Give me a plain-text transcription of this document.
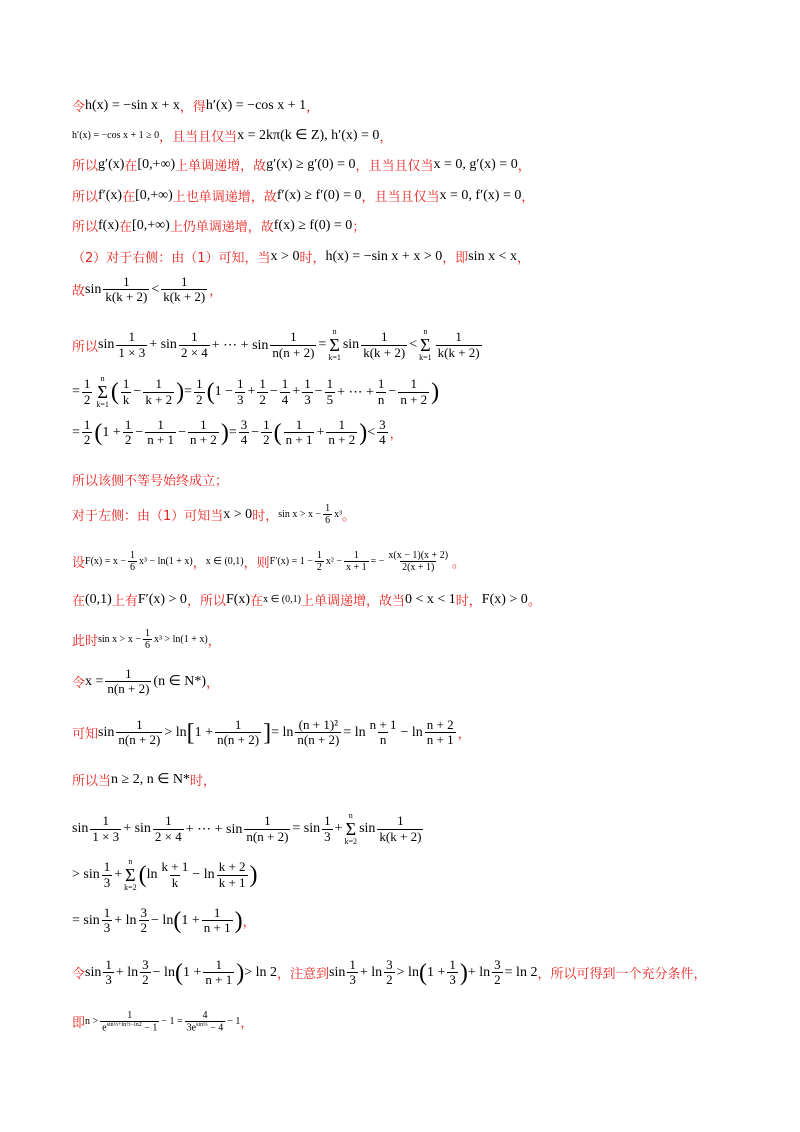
令 h(x) = −sin x + x ，得 h′(x) = −cos x + 1 ，
h′(x) = −cos x + 1 ≥ 0 ，且当且仅当 x = 2kπ(k ∈ Z), h′(x) = 0 ，
所以 g′(x) 在 [0,+∞) 上单调递增，故 g′(x) ≥ g′(0) = 0 ，且当且仅当 x = 0, g′(x) = 0 ，
所以 f′(x) 在 [0,+∞) 上也单调递增，故 f′(x) ≥ f′(0) = 0 ，且当且仅当 x = 0, f′(x) = 0 ，
所以 f(x) 在 [0,+∞) 上仍单调递增，故 f(x) ≥ f(0) = 0 ；
（2）对于右侧：由（1）可知，当 x > 0 时， h(x) = −sin x + x > 0 ，即 sin x < x ，
故 $\sin \frac{1}{k(k + 2)} < \frac{1}{k(k + 2)}$ ，
所以 $\sin \frac{1}{1 \times 3} + \sin \frac{1}{2 \times 4}$ + ⋯ + $\sin \frac{1}{n(n + 2)}$ =
n
Σ
k=1
$\sin \frac{1}{k(k + 2)}$ <
n
Σ
$k=1 \frac{1}{k(k + 2)}$
= $\frac{1}{2}$ n
Σ
k=1 ( $\frac{1}{k} - \frac{1}{k + 2}$ ) = $\frac{1}{2}$ ( $1 - \frac{1}{3} + \frac{1}{2} - \frac{1}{4} + \frac{1}{3} - \frac{1}{5}$ + ⋯ + $\frac{1}{n} - \frac{1}{n + 2}$ )
= $\frac{1}{2}$ ( $1 + \frac{1}{2} - \frac{1}{n + 1} - \frac{1}{n + 2}$ ) = $\frac{3}{4} - \frac{1}{2}$ ( $\frac{1}{n + 1} + \frac{1}{n + 2}$ ) < $\frac{3}{4}$ ，
所以该侧不等号始终成立；
对于左侧：由（1）可知当 x > 0 时， $\sin x > x - \frac{1}{6} x^3$ 。
设 $F(x) = x - \frac{1}{6} x^3 - \ln(1 + x)$ ， x ∈ (0,1) ，则 $F'(x) = 1 - \frac{1}{2} x^2 - \frac{1}{x + 1}$ = − $\frac{x(x - 1)(x + 2)}{2(x + 1)}$ 。
在 (0,1) 上有 F′(x) > 0 ，所以 F(x) 在 x ∈ (0,1) 上单调递增，故当 0 < x < 1 时， F(x) > 0 。
此时 $\sin x > x - \frac{1}{6} x^3 > \ln(1 + x)$ ，
令 $x = \frac{1}{n(n + 2)} (n$ ∈ N*) ，
可知 $\sin \frac{1}{n(n + 2)} > \ln$ [ $1 + \frac{1}{n(n + 2)}$ ] = $\ln \frac{\text{(n + 1)²}}{n(n + 2)} = \ln \frac{n + 1}{n} - \ln \frac{n + 2}{n + 1}$ ，
所以当 n ≥ 2, n ∈ N* 时，
$\sin \frac{1}{1 \times 3} + \sin \frac{1}{2 \times 4}$ + ⋯ + $\sin \frac{1}{n(n + 2)} = \sin \frac{1}{3}$ +
n
Σ
k=2
$\sin \frac{1}{k(k + 2)}$
> $\sin \frac{1}{3}$ +
n
Σ
k=2 ( $\ln \frac{k + 1}{k} - \ln \frac{k + 2}{k + 1}$ )
= $\sin \frac{1}{3} + \ln \frac{3}{2} - \ln$ ( $1 + \frac{1}{n + 1}$ ) ，
令 $\sin \frac{1}{3} + \ln \frac{3}{2} - \ln$ ( $1 + \frac{1}{n + 1}$ ) > ln 2 ，注意到 $\sin \frac{1}{3} + \ln \frac{3}{2} > \ln$ ( $1 + \frac{1}{3}$ ) + $\ln \frac{3}{2} = \ln 2$ ，所以可得到一个充分条件，
即 $n > \frac{1}{e^{sin\frac{1}{3}+ln\frac{1}{2}-ln2} - 1} - 1 = \frac{4}{3e^{sin\frac{1}{3}} - 4} - 1$ ，
